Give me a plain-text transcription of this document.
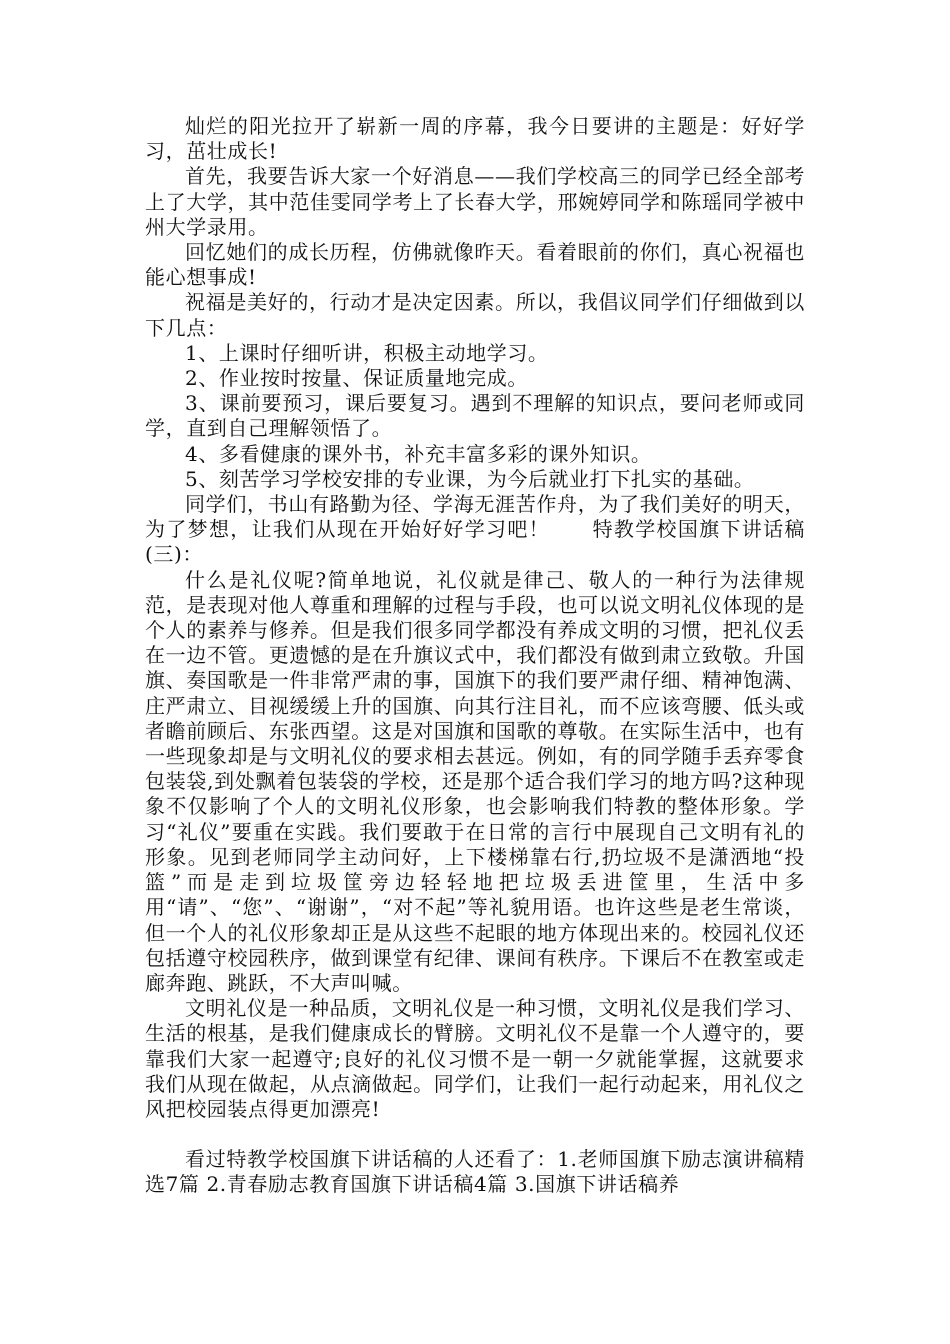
灿烂的阳光拉开了崭新一周的序幕，我今日要讲的主题是：好好学习，茁壮成长!

首先，我要告诉大家一个好消息——我们学校高三的同学已经全部考上了大学，其中范佳雯同学考上了长春大学，邢婉婷同学和陈瑶同学被中州大学录用。

回忆她们的成长历程，仿佛就像昨天。看着眼前的你们，真心祝福也能心想事成!

祝福是美好的，行动才是决定因素。所以，我倡议同学们仔细做到以下几点：

1、上课时仔细听讲，积极主动地学习。

2、作业按时按量、保证质量地完成。

3、课前要预习，课后要复习。遇到不理解的知识点，要问老师或同学，直到自己理解领悟了。

4、多看健康的课外书，补充丰富多彩的课外知识。

5、刻苦学习学校安排的专业课，为今后就业打下扎实的基础。

同学们，书山有路勤为径、学海无涯苦作舟，为了我们美好的明天，为了梦想，让我们从现在开始好好学习吧！　　特教学校国旗下讲话稿(三)：

什么是礼仪呢?简单地说，礼仪就是律己、敬人的一种行为法律规范，是表现对他人尊重和理解的过程与手段，也可以说文明礼仪体现的是个人的素养与修养。但是我们很多同学都没有养成文明的习惯，把礼仪丢在一边不管。更遗憾的是在升旗议式中，我们都没有做到肃立致敬。升国旗、奏国歌是一件非常严肃的事，国旗下的我们要严肃仔细、精神饱满、庄严肃立、目视缓缓上升的国旗、向其行注目礼，而不应该弯腰、低头或者瞻前顾后、东张西望。这是对国旗和国歌的尊敬。在实际生活中，也有一些现象却是与文明礼仪的要求相去甚远。例如，有的同学随手丢弃零食包装袋,到处飘着包装袋的学校，还是那个适合我们学习的地方吗?这种现象不仅影响了个人的文明礼仪形象，也会影响我们特教的整体形象。学习“礼仪”要重在实践。我们要敢于在日常的言行中展现自己文明有礼的形象。见到老师同学主动问好，上下楼梯靠右行,扔垃圾不是潇洒地“投篮”而是走到垃圾筐旁边轻轻地把垃圾丢进筐里，生活中多用“请”、“您”、“谢谢”，“对不起”等礼貌用语。也许这些是老生常谈，但一个人的礼仪形象却正是从这些不起眼的地方体现出来的。校园礼仪还包括遵守校园秩序，做到课堂有纪律、课间有秩序。下课后不在教室或走廊奔跑、跳跃，不大声叫喊。

文明礼仪是一种品质，文明礼仪是一种习惯，文明礼仪是我们学习、生活的根基，是我们健康成长的臂膀。文明礼仪不是靠一个人遵守的，要靠我们大家一起遵守;良好的礼仪习惯不是一朝一夕就能掌握，这就要求我们从现在做起，从点滴做起。同学们，让我们一起行动起来，用礼仪之风把校园装点得更加漂亮!

看过特教学校国旗下讲话稿的人还看了：1.老师国旗下励志演讲稿精选7篇 2.青春励志教育国旗下讲话稿4篇 3.国旗下讲话稿养
